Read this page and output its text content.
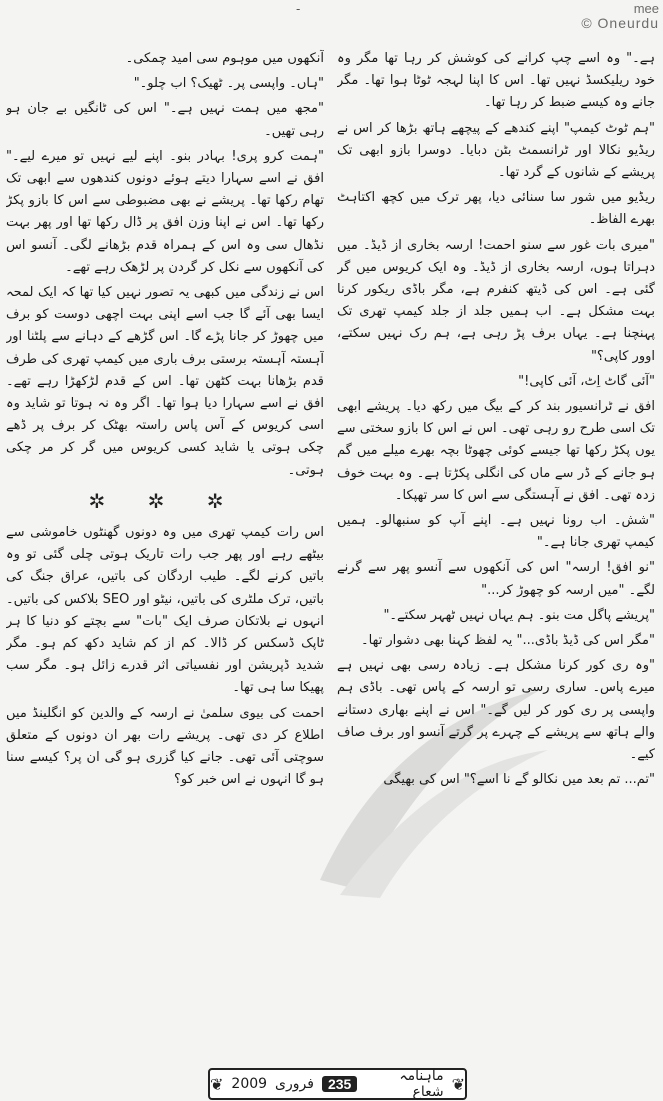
mee
© Oneurdu
-

ہے۔" وہ اسے چپ کرانے کی کوشش کر رہا تھا مگر وہ خود ریلیکسڈ نہیں تھا۔ اس کا اپنا لہجہ ٹوٹا ہوا تھا۔ مگر جانے وہ کیسے ضبط کر رہا تھا۔

"ہم ٹوٹ کیمپ" اپنے کندھے کے پیچھے ہاتھ بڑھا کر اس نے ریڈیو نکالا اور ٹرانسمٹ بٹن دبایا۔ دوسرا بازو ابھی تک پریشے کے شانوں کے گرد تھا۔

ریڈیو میں شور سا سنائی دیا، پھر ترک میں کچھ اکتاہٹ بھرے الفاظ۔

"میری بات غور سے سنو احمت! ارسہ بخاری از ڈیڈ۔ میں دہراتا ہوں، ارسہ بخاری از ڈیڈ۔ وہ ایک کریوس میں گر گئی ہے۔ اس کی ڈیتھ کنفرم ہے، مگر باڈی ریکور کرنا بہت مشکل ہے۔ اب ہمیں جلد از جلد کیمپ تھری تک پہنچنا ہے۔ یہاں برف پڑ رہی ہے، ہم رک نہیں سکتے، اوور کاپی؟"

"آئی گاٹ اِٹ، آئی کاپی!"

افق نے ٹرانسیور بند کر کے بیگ میں رکھ دیا۔ پریشے ابھی تک اسی طرح رو رہی تھی۔ اس نے اس کا بازو سختی سے یوں پکڑ رکھا تھا جیسے کوئی چھوٹا بچہ بھرے میلے میں گم ہو جانے کے ڈر سے ماں کی انگلی پکڑتا ہے۔ وہ بہت خوف زدہ تھی۔ افق نے آہستگی سے اس کا سر تھپکا۔

"شش۔ اب رونا نہیں ہے۔ اپنے آپ کو سنبھالو۔ ہمیں کیمپ تھری جانا ہے۔"

"نو افق! ارسہ" اس کی آنکھوں سے آنسو پھر سے گرنے لگے۔ "میں ارسہ کو چھوڑ کر..."

"پریشے پاگل مت بنو۔ ہم یہاں نہیں ٹھہر سکتے۔"

"مگر اس کی ڈیڈ باڈی..." یہ لفظ کہنا بھی دشوار تھا۔

"وہ ری کور کرنا مشکل ہے۔ زیادہ رسی بھی نہیں ہے میرے پاس۔ ساری رسی تو ارسہ کے پاس تھی۔ باڈی ہم واپسی پر ری کور کر لیں گے۔" اس نے اپنے بھاری دستانے والے ہاتھ سے پریشے کے چہرے پر گرتے آنسو اور برف صاف کیے۔

"تم... تم بعد میں نکالو گے نا اسے؟" اس کی بھیگی

آنکھوں میں موہوم سی امید چمکی۔

"ہاں۔ واپسی پر۔ ٹھیک؟ اب چلو۔"

"مجھ میں ہمت نہیں ہے۔" اس کی ٹانگیں بے جان ہو رہی تھیں۔

"ہمت کرو پری! بہادر بنو۔ اپنے لیے نہیں تو میرے لیے۔" افق نے اسے سہارا دیتے ہوئے دونوں کندھوں سے ابھی تک تھام رکھا تھا۔ پریشے نے بھی مضبوطی سے اس کا بازو پکڑ رکھا تھا۔ اس نے اپنا وزن افق پر ڈال رکھا تھا اور پھر بہت نڈھال سی وہ اس کے ہمراہ قدم بڑھانے لگی۔ آنسو اس کی آنکھوں سے نکل کر گردن پر لڑھک رہے تھے۔

اس نے زندگی میں کبھی یہ تصور نہیں کیا تھا کہ ایک لمحہ ایسا بھی آئے گا جب اسے اپنی بہت اچھی دوست کو برف میں چھوڑ کر جانا پڑے گا۔ اس گڑھے کے دہانے سے پلٹنا اور آہستہ آہستہ برستی برف باری میں کیمپ تھری کی طرف قدم بڑھانا بہت کٹھن تھا۔ اس کے قدم لڑکھڑا رہے تھے۔ افق نے اسے سہارا دیا ہوا تھا۔ اگر وہ نہ ہوتا تو شاید وہ اسی کریوس کے آس پاس راستہ بھٹک کر برف پر ڈھے چکی ہوتی یا شاید کسی کریوس میں گر کر مر چکی ہوتی۔

✲ ✲ ✲

اس رات کیمپ تھری میں وہ دونوں گھنٹوں خاموشی سے بیٹھے رہے اور پھر جب رات تاریک ہوتی چلی گئی تو وہ باتیں کرنے لگے۔ طیب اردگان کی باتیں، عراق جنگ کی باتیں، ترک ملٹری کی باتیں، نیٹو اور SEO بلاکس کی باتیں۔ انہوں نے بلاتکان صرف ایک "بات" سے بچتے کو دنیا کا ہر ٹاپک ڈسکس کر ڈالا۔ کم از کم شاید دکھ کم ہو۔ مگر شدید ڈپریشن اور نفسیاتی اثر قدرے زائل ہو۔ مگر سب پھیکا سا ہی تھا۔

احمت کی بیوی سلمیٰ نے ارسہ کے والدین کو انگلینڈ میں اطلاع کر دی تھی۔ پریشے رات بھر ان دونوں کے متعلق سوچتی آئی تھی۔ جانے کیا گزری ہو گی ان پر؟ کیسے سنا ہو گا انہوں نے اس خبر کو؟

❦
ماہنامہ شعاع
235
فروری
2009
❦
